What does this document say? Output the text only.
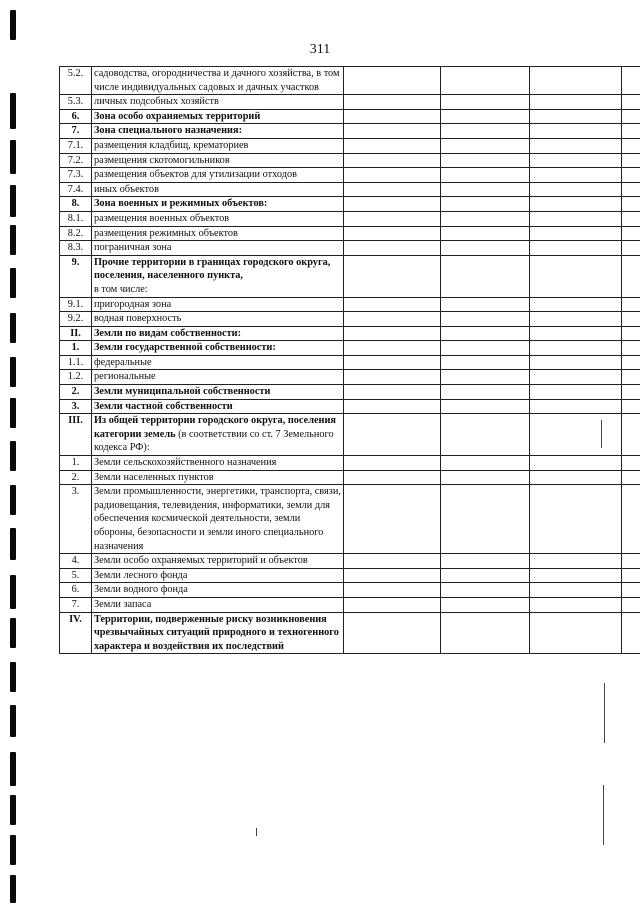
311
5.2.	садоводства, огородничества и дачного хозяйства, в том числе индивидуальных садовых и дачных участков				
5.3.	личных подсобных хозяйств				
6.	Зона особо охраняемых территорий				
7.	Зона специального назначения:				
7.1.	размещения кладбищ, крематориев				
7.2.	размещения скотомогильников				
7.3.	размещения объектов для утилизации отходов				
7.4.	иных объектов				
8.	Зона военных и режимных объектов:				
8.1.	размещения военных объектов				
8.2.	размещения режимных объектов				
8.3.	пограничная зона				
9.	Прочие территории в границах городского округа, поселения, населенного пункта,
в том числе:				
9.1.	пригородная зона				
9.2.	водная поверхность				
II.	Земли по видам собственности:				
1.	Земли государственной собственности:				
1.1.	федеральные				
1.2.	региональные				
2.	Земли муниципальной собственности				
3.	Земли частной собственности				
III.	Из общей территории городского округа, поселения категории земель (в соответствии со ст. 7 Земельного кодекса РФ):				
1.	Земли сельскохозяйственного назначения				
2.	Земли населенных пунктов				
3.	Земли промышленности, энергетики, транспорта, связи, радиовещания, телевидения, информатики, земли для обеспечения космической деятельности, земли обороны, безопасности и земли иного специального назначения				
4.	Земли особо охраняемых территорий и объектов				
5.	Земли лесного фонда				
6.	Земли водного фонда				
7.	Земли запаса				
IV.	Территории, подверженные риску возникновения чрезвычайных ситуаций природного и техногенного характера и воздействия их последствий				
